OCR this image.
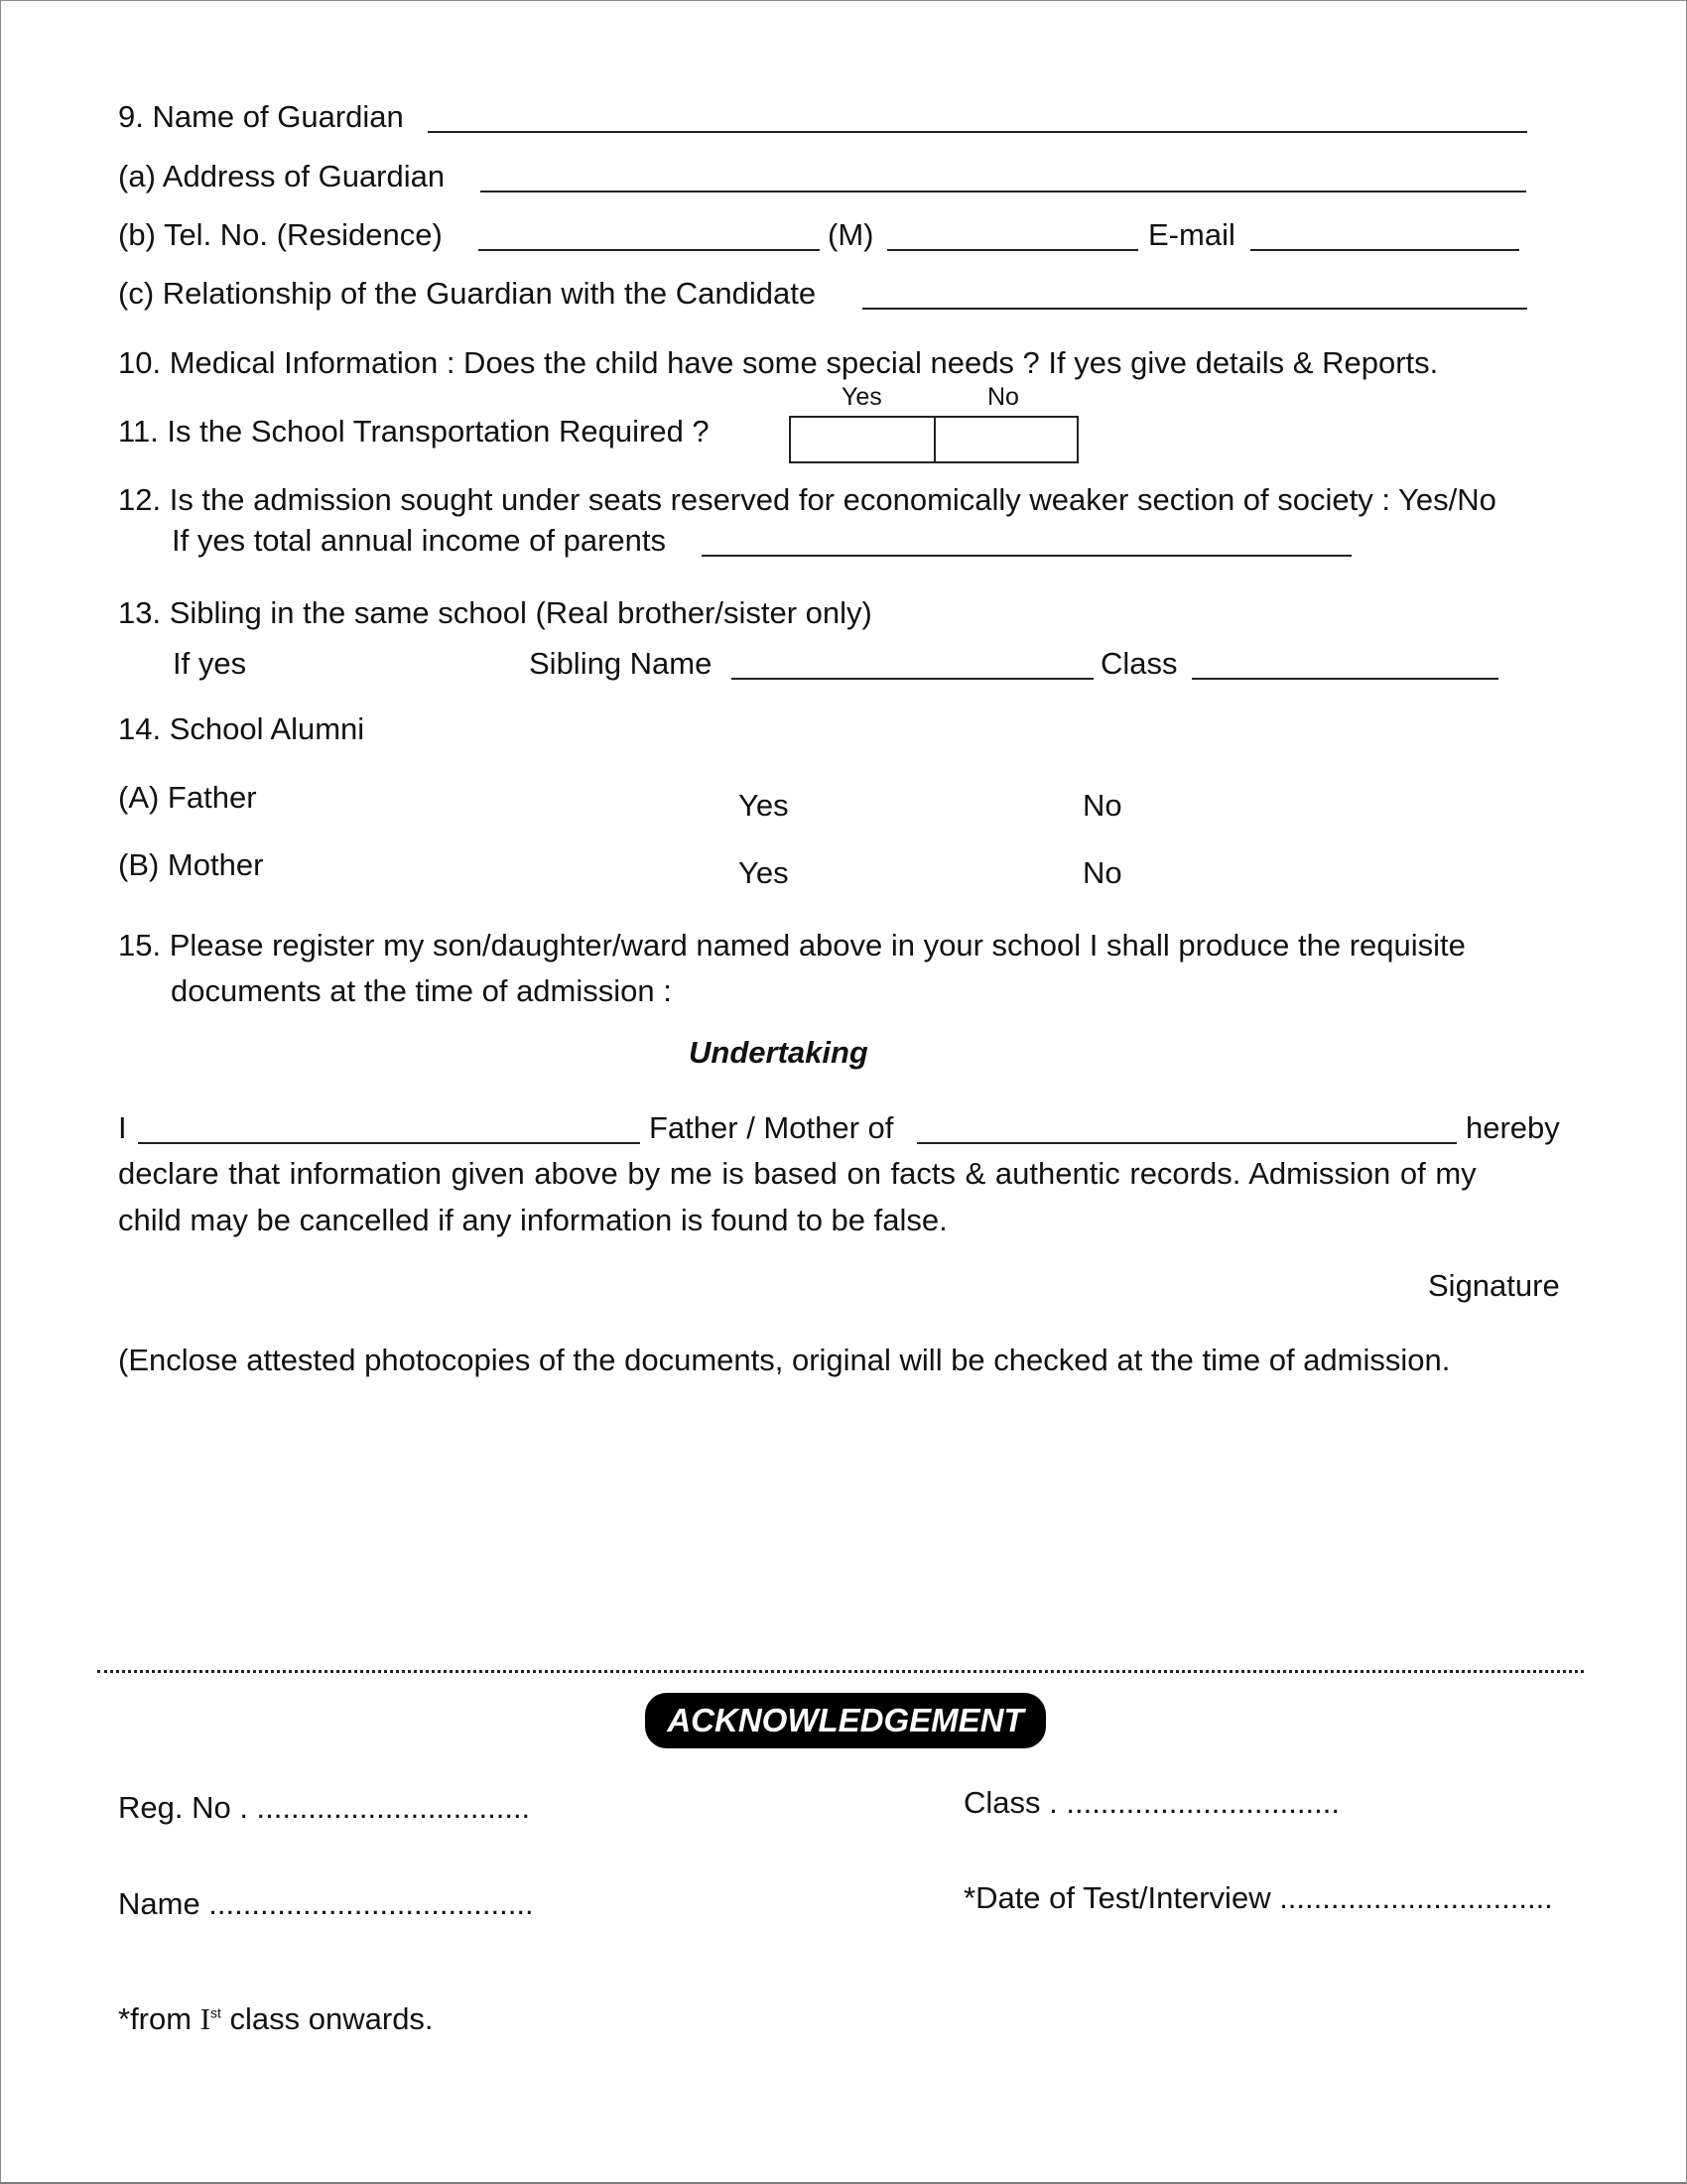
9. Name of Guardian
(a) Address of Guardian
(b) Tel. No. (Residence)	(M)	E-mail
(c) Relationship of the Guardian with the Candidate
10. Medical Information : Does the child have some special needs ? If yes give details & Reports.
Yes	No
11. Is the School Transportation Required ?
12. Is the admission sought under seats reserved for economically weaker section of society : Yes/No
If yes total annual income of parents
13. Sibling in the same school (Real brother/sister only)
If yes	Sibling Name	Class
14. School Alumni
(A) Father	Yes	No
(B) Mother	Yes	No
15. Please register my son/daughter/ward named above in your school I shall produce the requisite
documents at the time of admission :
Undertaking
I	Father / Mother of	hereby
declare that information given above by me is based on facts & authentic records. Admission of my
child may be cancelled if any information is found to be false.
Signature
(Enclose attested photocopies of the documents, original will be checked at the time of admission.
ACKNOWLEDGEMENT
Reg. No . ................................	Class . ................................
Name ......................................	*Date of Test/Interview ................................
*from Ist class onwards.
